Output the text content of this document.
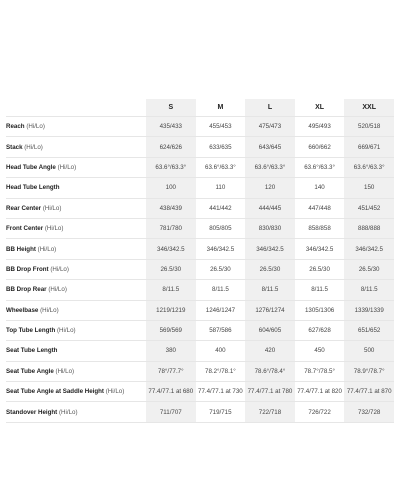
	S	M	L	XL	XXL
Reach (Hi/Lo)	435/433	455/453	475/473	495/493	520/518
Stack (Hi/Lo)	624/626	633/635	643/645	660/662	669/671
Head Tube Angle (Hi/Lo)	63.6°/63.3°	63.6°/63.3°	63.6°/63.3°	63.6°/63.3°	63.6°/63.3°
Head Tube Length	100	110	120	140	150
Rear Center (Hi/Lo)	438/439	441/442	444/445	447/448	451/452
Front Center (Hi/Lo)	781/780	805/805	830/830	858/858	888/888
BB Height (Hi/Lo)	346/342.5	346/342.5	346/342.5	346/342.5	346/342.5
BB Drop Front (Hi/Lo)	26.5/30	26.5/30	26.5/30	26.5/30	26.5/30
BB Drop Rear (Hi/Lo)	8/11.5	8/11.5	8/11.5	8/11.5	8/11.5
Wheelbase (Hi/Lo)	1219/1219	1246/1247	1276/1274	1305/1306	1339/1339
Top Tube Length (Hi/Lo)	569/569	587/586	604/605	627/628	651/652
Seat Tube Length	380	400	420	450	500
Seat Tube Angle (Hi/Lo)	78°/77.7°	78.2°/78.1°	78.6°/78.4°	78.7°/78.5°	78.9°/78.7°
Seat Tube Angle at Saddle Height (Hi/Lo)	77.4/77.1 at 680	77.4/77.1 at 730	77.4/77.1 at 780	77.4/77.1 at 820	77.4/77.1 at 870
Standover Height (Hi/Lo)	711/707	719/715	722/718	726/722	732/728
